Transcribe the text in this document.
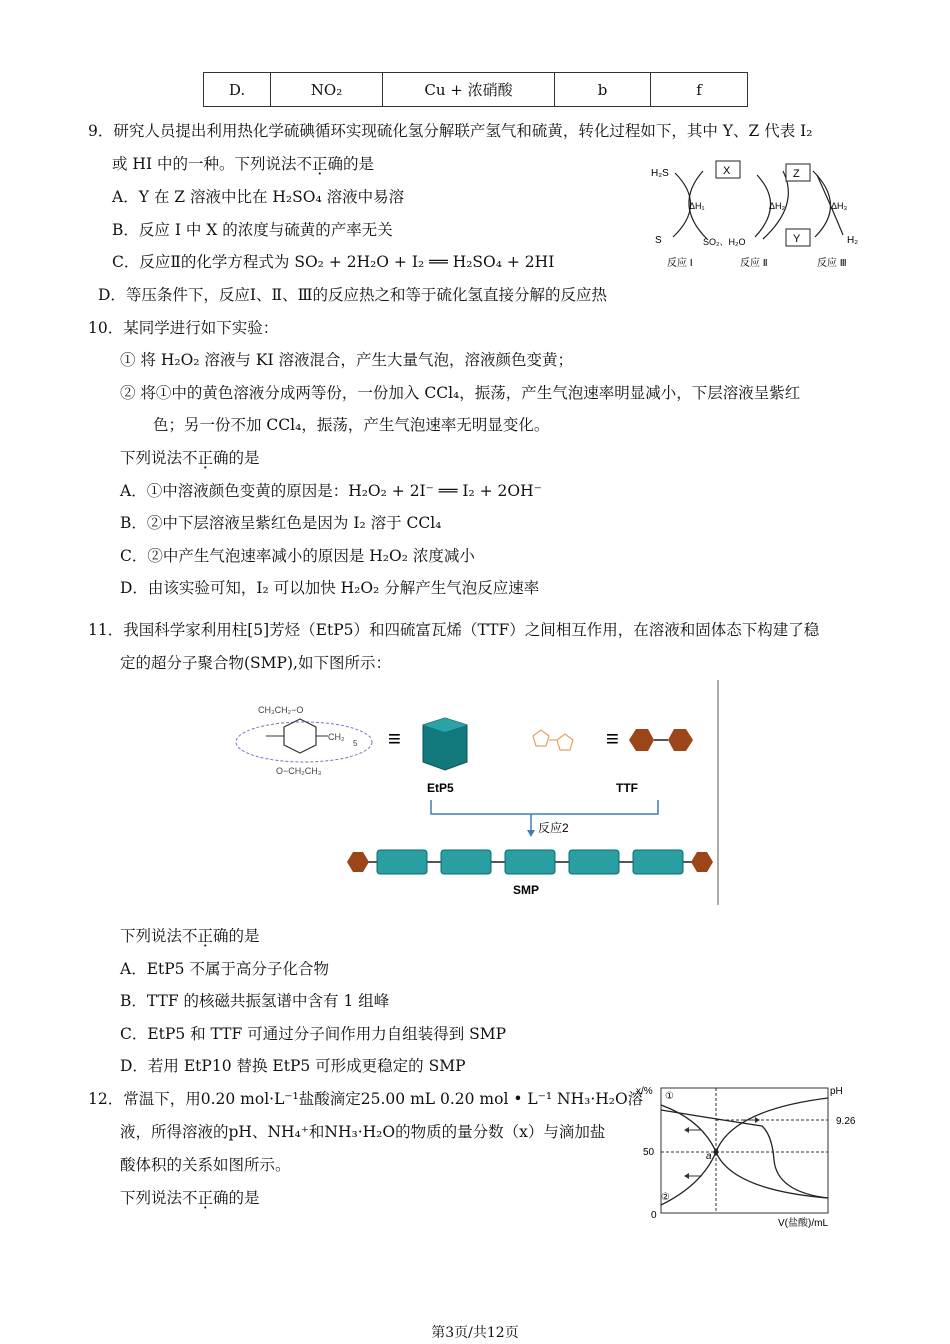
D.	NO₂	Cu + 浓硝酸	b	f
9．研究人员提出利用热化学硫碘循环实现硫化氢分解联产氢气和硫黄，转化过程如下，其中 Y、Z 代表 I₂
或 HI 中的一种。下列说法不正确的是
A．Y 在 Z 溶液中比在 H₂SO₄ 溶液中易溶
B．反应 I 中 X 的浓度与硫黄的产率无关
C．反应Ⅱ的化学方程式为 SO₂ + 2H₂O + I₂ ══ H₂SO₄ + 2HI
D．等压条件下，反应Ⅰ、Ⅱ、Ⅲ的反应热之和等于硫化氢直接分解的反应热
H₂S
S
ΔH₁
X
SO₂、H₂O
ΔH₂
Z
Y
ΔH₃
H₂
反应 Ⅰ	反应 Ⅱ	反应 Ⅲ
10．某同学进行如下实验：
① 将 H₂O₂ 溶液与 KI 溶液混合，产生大量气泡，溶液颜色变黄；
② 将①中的黄色溶液分成两等份，一份加入 CCl₄，振荡，产生气泡速率明显减小，下层溶液呈紫红
色；另一份不加 CCl₄，振荡，产生气泡速率无明显变化。
下列说法不正确的是
A．①中溶液颜色变黄的原因是：H₂O₂ + 2I⁻ ══ I₂ + 2OH⁻
B．②中下层溶液呈紫红色是因为 I₂ 溶于 CCl₄
C．②中产生气泡速率减小的原因是 H₂O₂ 浓度减小
D．由该实验可知，I₂ 可以加快 H₂O₂ 分解产生气泡反应速率
11．我国科学家利用柱[5]芳烃（EtP5）和四硫富瓦烯（TTF）之间相互作用，在溶液和固体态下构建了稳
定的超分子聚合物(SMP),如下图所示：
CH₃CH₂−O
CH₂
5
O−CH₂CH₃
≡
EtP5
≡
TTF
反应2
SMP
下列说法不正确的是
A．EtP5 不属于高分子化合物
B．TTF 的核磁共振氢谱中含有 1 组峰
C．EtP5 和 TTF 可通过分子间作用力自组装得到 SMP
D．若用 EtP10 替换 EtP5 可形成更稳定的 SMP
12．常温下，用0.20 mol·L⁻¹盐酸滴定25.00 mL 0.20 mol • L⁻¹ NH₃·H₂O溶
液，所得溶液的pH、NH₄⁺和NH₃·H₂O的物质的量分数（x）与滴加盐
酸体积的关系如图所示。
下列说法不正确的是
x/%	pH
9.26
50
0
V(盐酸)/mL
①
②
a
第3页/共12页
